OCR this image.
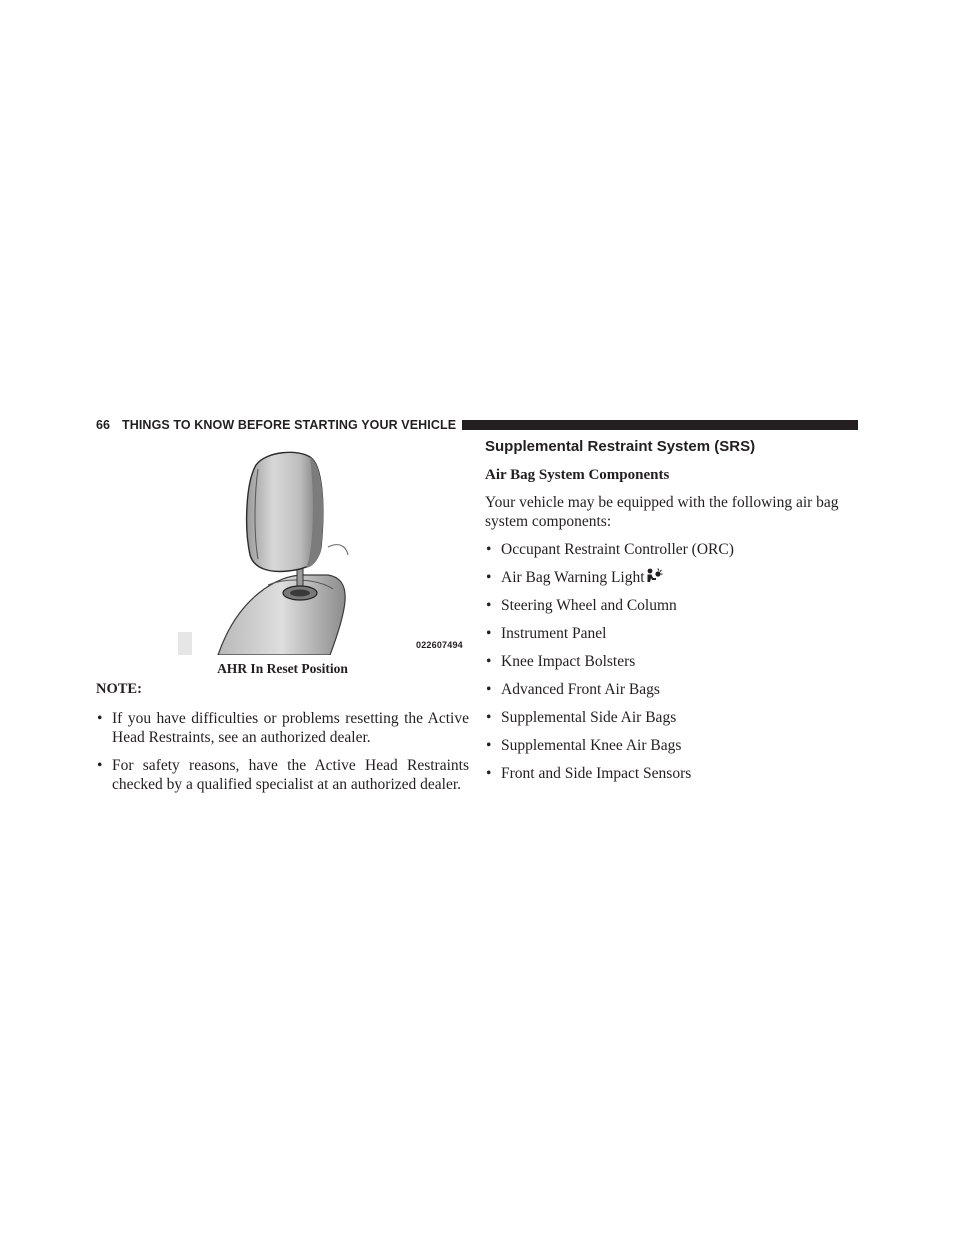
66 THINGS TO KNOW BEFORE STARTING YOUR VEHICLE
022607494
AHR In Reset Position
NOTE:
• If you have difficulties or problems resetting the Active Head Restraints, see an authorized dealer.
• For safety reasons, have the Active Head Restraints checked by a qualified specialist at an authorized dealer.
Supplemental Restraint System (SRS)
Air Bag System Components
Your vehicle may be equipped with the following air bag system components:
• Occupant Restraint Controller (ORC)
• Air Bag Warning Light
• Steering Wheel and Column
• Instrument Panel
• Knee Impact Bolsters
• Advanced Front Air Bags
• Supplemental Side Air Bags
• Supplemental Knee Air Bags
• Front and Side Impact Sensors
